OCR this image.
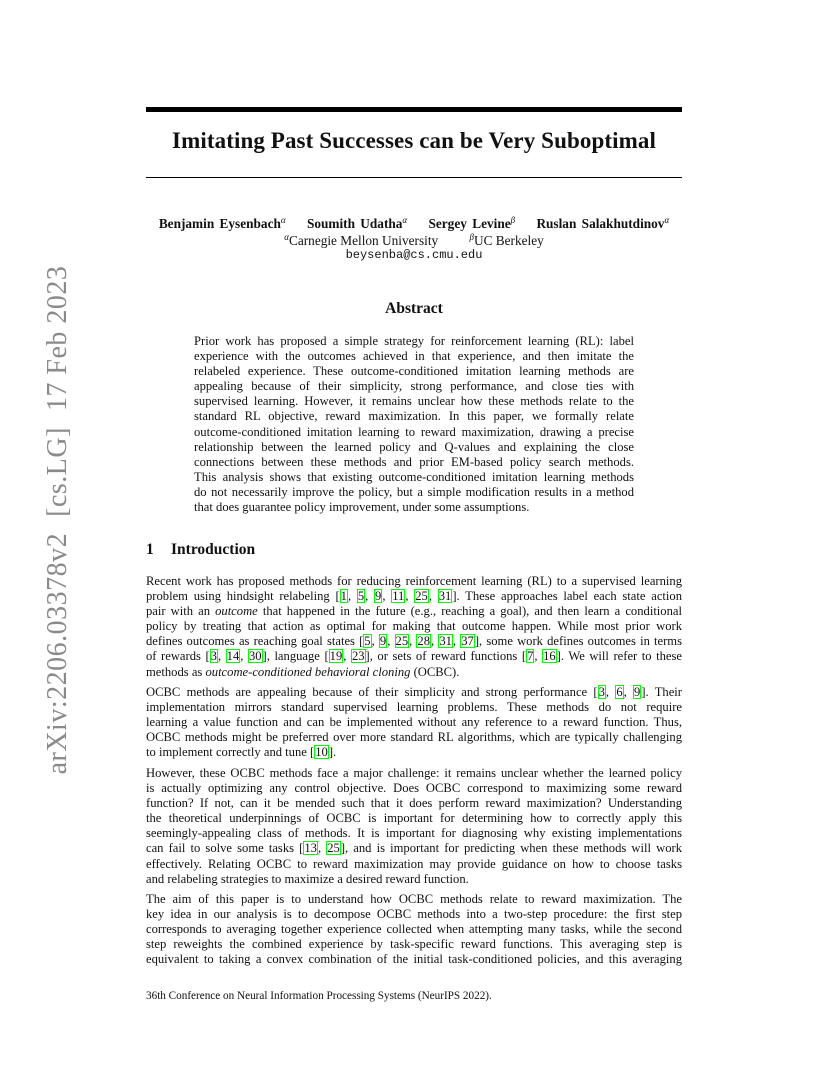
arXiv:2206.03378v2[cs.LG]17 Feb 2023
Imitating Past Successes can be Very Suboptimal
Benjamin Eysenbach$^\alpha$ Soumith Udatha$^\alpha$ Sergey Levine$^\beta$ Ruslan Salakhutdinov$^\alpha$
$^\alpha$Carnegie Mellon University	$^\beta$UC Berkeley
beysenba@cs.cmu.edu
Abstract
Prior work has proposed a simple strategy for reinforcement learning (RL): label
experience with the outcomes achieved in that experience, and then imitate the
relabeled experience. These outcome-conditioned imitation learning methods are
appealing because of their simplicity, strong performance, and close ties with
supervised learning. However, it remains unclear how these methods relate to the
standard RL objective, reward maximization. In this paper, we formally relate
outcome-conditioned imitation learning to reward maximization, drawing a precise
relationship between the learned policy and Q-values and explaining the close
connections between these methods and prior EM-based policy search methods.
This analysis shows that existing outcome-conditioned imitation learning methods
do not necessarily improve the policy, but a simple modification results in a method
that does guarantee policy improvement, under some assumptions.
1 Introduction
Recent work has proposed methods for reducing reinforcement learning (RL) to a supervised learning
problem using hindsight relabeling [1, 5, 9, 11, 25, 31]. These approaches label each state action
pair with an outcome that happened in the future (e.g., reaching a goal), and then learn a conditional
policy by treating that action as optimal for making that outcome happen. While most prior work
defines outcomes as reaching goal states [5, 9, 25, 28, 31, 37], some work defines outcomes in terms
of rewards [3, 14, 30], language [19, 23], or sets of reward functions [7, 16]. We will refer to these
methods as outcome-conditioned behavioral cloning (OCBC).
OCBC methods are appealing because of their simplicity and strong performance [3, 6, 9]. Their
implementation mirrors standard supervised learning problems. These methods do not require
learning a value function and can be implemented without any reference to a reward function. Thus,
OCBC methods might be preferred over more standard RL algorithms, which are typically challenging
to implement correctly and tune [10].
However, these OCBC methods face a major challenge: it remains unclear whether the learned policy
is actually optimizing any control objective. Does OCBC correspond to maximizing some reward
function? If not, can it be mended such that it does perform reward maximization? Understanding
the theoretical underpinnings of OCBC is important for determining how to correctly apply this
seemingly-appealing class of methods. It is important for diagnosing why existing implementations
can fail to solve some tasks [13, 25], and is important for predicting when these methods will work
effectively. Relating OCBC to reward maximization may provide guidance on how to choose tasks
and relabeling strategies to maximize a desired reward function.
The aim of this paper is to understand how OCBC methods relate to reward maximization. The
key idea in our analysis is to decompose OCBC methods into a two-step procedure: the first step
corresponds to averaging together experience collected when attempting many tasks, while the second
step reweights the combined experience by task-specific reward functions. This averaging step is
equivalent to taking a convex combination of the initial task-conditioned policies, and this averaging
36th Conference on Neural Information Processing Systems (NeurIPS 2022).
